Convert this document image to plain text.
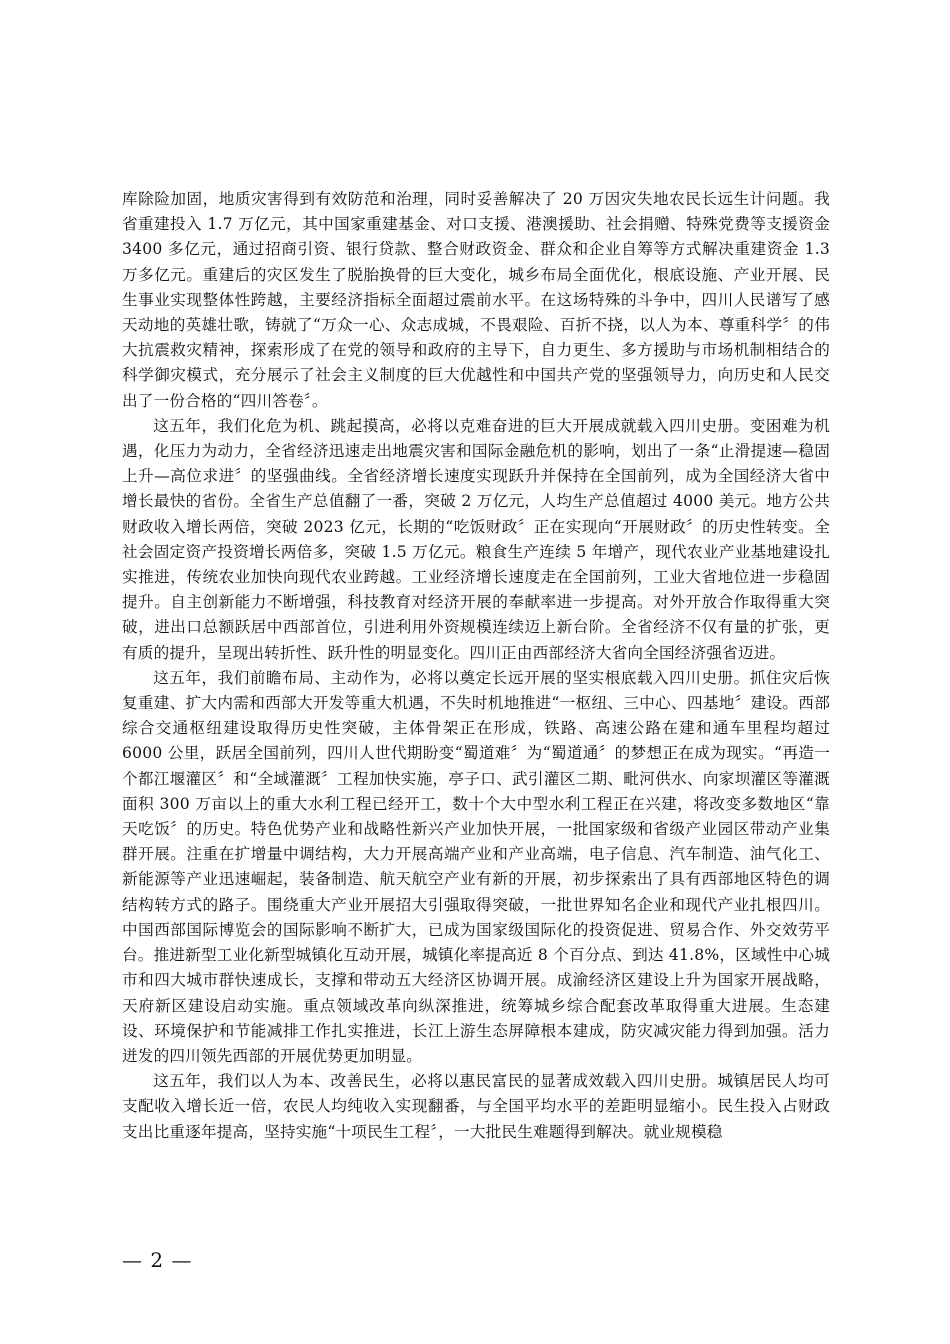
库除险加固，地质灾害得到有效防范和治理，同时妥善解决了 20 万因灾失地农民长远生计问题。我省重建投入 1.7 万亿元，其中国家重建基金、对口支援、港澳援助、社会捐赠、特殊党费等支援资金 3400 多亿元，通过招商引资、银行贷款、整合财政资金、群众和企业自筹等方式解决重建资金 1.3 万多亿元。重建后的灾区发生了脱胎换骨的巨大变化，城乡布局全面优化，根底设施、产业开展、民生事业实现整体性跨越，主要经济指标全面超过震前水平。在这场特殊的斗争中，四川人民谱写了感天动地的英雄壮歌，铸就了“万众一心、众志成城，不畏艰险、百折不挠，以人为本、尊重科学〞的伟大抗震救灾精神，探索形成了在党的领导和政府的主导下，自力更生、多方援助与市场机制相结合的科学御灾模式，充分展示了社会主义制度的巨大优越性和中国共产党的坚强领导力，向历史和人民交出了一份合格的“四川答卷〞。

这五年，我们化危为机、跳起摸高，必将以克难奋进的巨大开展成就载入四川史册。变困难为机遇，化压力为动力，全省经济迅速走出地震灾害和国际金融危机的影响，划出了一条“止滑提速—稳固上升—高位求进〞的坚强曲线。全省经济增长速度实现跃升并保持在全国前列，成为全国经济大省中增长最快的省份。全省生产总值翻了一番，突破 2 万亿元，人均生产总值超过 4000 美元。地方公共财政收入增长两倍，突破 2023 亿元，长期的“吃饭财政〞正在实现向“开展财政〞的历史性转变。全社会固定资产投资增长两倍多，突破 1.5 万亿元。粮食生产连续 5 年增产，现代农业产业基地建设扎实推进，传统农业加快向现代农业跨越。工业经济增长速度走在全国前列，工业大省地位进一步稳固提升。自主创新能力不断增强，科技教育对经济开展的奉献率进一步提高。对外开放合作取得重大突破，进出口总额跃居中西部首位，引进利用外资规模连续迈上新台阶。全省经济不仅有量的扩张，更有质的提升，呈现出转折性、跃升性的明显变化。四川正由西部经济大省向全国经济强省迈进。

这五年，我们前瞻布局、主动作为，必将以奠定长远开展的坚实根底载入四川史册。抓住灾后恢复重建、扩大内需和西部大开发等重大机遇，不失时机地推进“一枢纽、三中心、四基地〞建设。西部综合交通枢纽建设取得历史性突破，主体骨架正在形成，铁路、高速公路在建和通车里程均超过 6000 公里，跃居全国前列，四川人世代期盼变“蜀道难〞为“蜀道通〞的梦想正在成为现实。“再造一个都江堰灌区〞和“全域灌溉〞工程加快实施，亭子口、武引灌区二期、毗河供水、向家坝灌区等灌溉面积 300 万亩以上的重大水利工程已经开工，数十个大中型水利工程正在兴建，将改变多数地区“靠天吃饭〞的历史。特色优势产业和战略性新兴产业加快开展，一批国家级和省级产业园区带动产业集群开展。注重在扩增量中调结构，大力开展高端产业和产业高端，电子信息、汽车制造、油气化工、新能源等产业迅速崛起，装备制造、航天航空产业有新的开展，初步探索出了具有西部地区特色的调结构转方式的路子。围绕重大产业开展招大引强取得突破，一批世界知名企业和现代产业扎根四川。中国西部国际博览会的国际影响不断扩大，已成为国家级国际化的投资促进、贸易合作、外交效劳平台。推进新型工业化新型城镇化互动开展，城镇化率提高近 8 个百分点、到达 41.8%，区域性中心城市和四大城市群快速成长，支撑和带动五大经济区协调开展。成渝经济区建设上升为国家开展战略，天府新区建设启动实施。重点领域改革向纵深推进，统筹城乡综合配套改革取得重大进展。生态建设、环境保护和节能减排工作扎实推进，长江上游生态屏障根本建成，防灾减灾能力得到加强。活力迸发的四川领先西部的开展优势更加明显。

这五年，我们以人为本、改善民生，必将以惠民富民的显著成效载入四川史册。城镇居民人均可支配收入增长近一倍，农民人均纯收入实现翻番，与全国平均水平的差距明显缩小。民生投入占财政支出比重逐年提高，坚持实施“十项民生工程〞，一大批民生难题得到解决。就业规模稳

— 2 —
